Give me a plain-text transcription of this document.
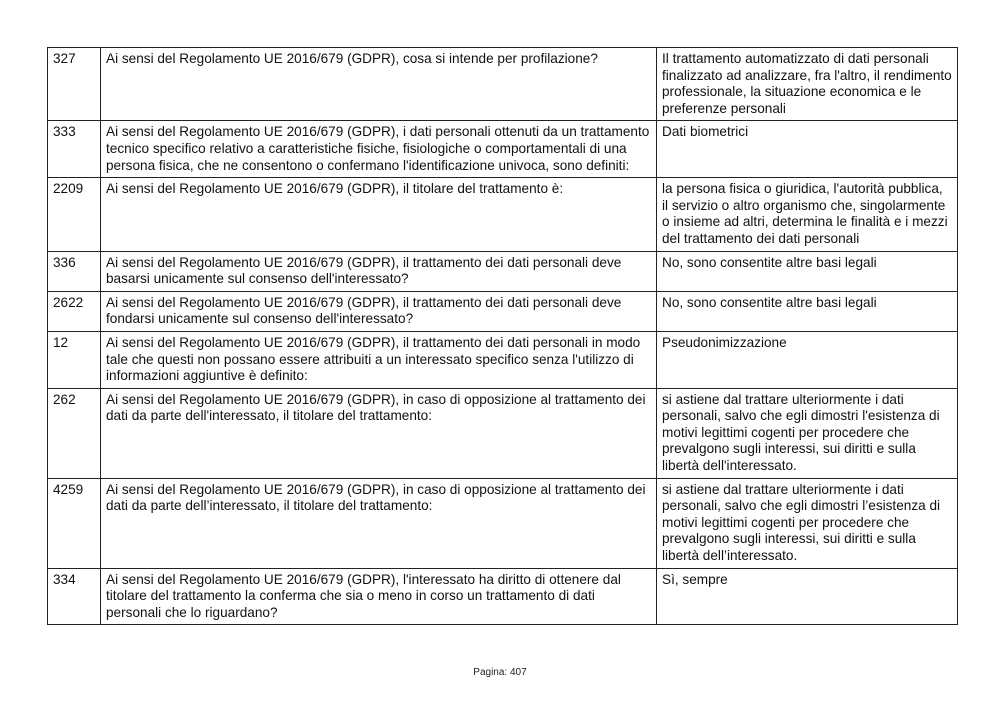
327	Ai sensi del Regolamento UE 2016/679 (GDPR), cosa si intende per profilazione?	Il trattamento automatizzato di dati personali finalizzato ad analizzare, fra l'altro, il rendimento professionale, la situazione economica e le preferenze personali
333	Ai sensi del Regolamento UE 2016/679 (GDPR), i dati personali ottenuti da un trattamento tecnico specifico relativo a caratteristiche fisiche, fisiologiche o comportamentali di una persona fisica, che ne consentono o confermano l'identificazione univoca, sono definiti:	Dati biometrici
2209	Ai sensi del Regolamento UE 2016/679 (GDPR), il titolare del trattamento è:	la persona fisica o giuridica, l'autorità pubblica, il servizio o altro organismo che, singolarmente o insieme ad altri, determina le finalità e i mezzi del trattamento dei dati personali
336	Ai sensi del Regolamento UE 2016/679 (GDPR), il trattamento dei dati personali deve basarsi unicamente sul consenso dell'interessato?	No, sono consentite altre basi legali
2622	Ai sensi del Regolamento UE 2016/679 (GDPR), il trattamento dei dati personali deve fondarsi unicamente sul consenso dell'interessato?	No, sono consentite altre basi legali
12	Ai sensi del Regolamento UE 2016/679 (GDPR), il trattamento dei dati personali in modo tale che questi non possano essere attribuiti a un interessato specifico senza l'utilizzo di informazioni aggiuntive è definito:	Pseudonimizzazione
262	Ai sensi del Regolamento UE 2016/679 (GDPR), in caso di opposizione al trattamento dei dati da parte dell'interessato, il titolare del trattamento:	si astiene dal trattare ulteriormente i dati personali, salvo che egli dimostri l'esistenza di motivi legittimi cogenti per procedere che prevalgono sugli interessi, sui diritti e sulla libertà dell'interessato.
4259	Ai sensi del Regolamento UE 2016/679 (GDPR), in caso di opposizione al trattamento dei dati da parte dell’interessato, il titolare del trattamento:	si astiene dal trattare ulteriormente i dati personali, salvo che egli dimostri l’esistenza di motivi legittimi cogenti per procedere che prevalgono sugli interessi, sui diritti e sulla libertà dell’interessato.
334	Ai sensi del Regolamento UE 2016/679 (GDPR), l'interessato ha diritto di ottenere dal titolare del trattamento la conferma che sia o meno in corso un trattamento di dati personali che lo riguardano?	Sì, sempre
Pagina: 407
